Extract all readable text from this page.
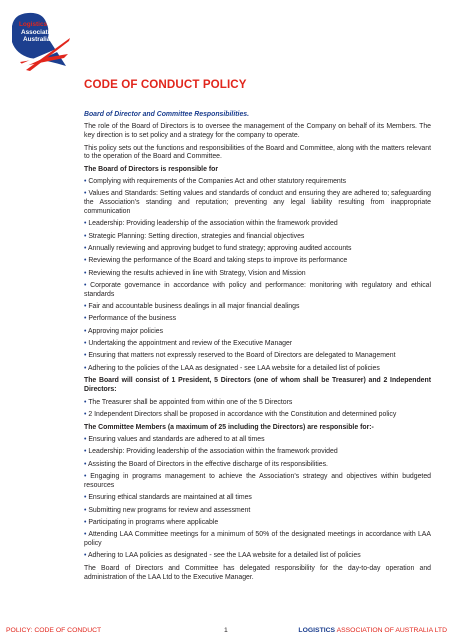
Logistics
Association
Australia
CODE OF CONDUCT POLICY

Board of Director and Committee Responsibilities.

The role of the Board of Directors is to oversee the management of the Company on behalf of its Members. The key direction is to set policy and a strategy for the company to operate.

This policy sets out the functions and responsibilities of the Board and Committee, along with the matters relevant to the operation of the Board and Committee.

The Board of Directors is responsible for

• Complying with requirements of the Companies Act and other statutory requirements

• Values and Standards: Setting values and standards of conduct and ensuring they are adhered to; safeguarding the Association’s standing and reputation; preventing any legal liability resulting from inappropriate communication

• Leadership: Providing leadership of the association within the framework provided

• Strategic Planning: Setting direction, strategies and financial objectives

• Annually reviewing and approving budget to fund strategy; approving audited accounts

• Reviewing the performance of the Board and taking steps to improve its performance

• Reviewing the results achieved in line with Strategy, Vision and Mission

• Corporate governance in accordance with policy and performance: monitoring with regulatory and ethical standards

• Fair and accountable business dealings in all major financial dealings

• Performance of the business

• Approving major policies

• Undertaking the appointment and review of the Executive Manager

• Ensuring that matters not expressly reserved to the Board of Directors are delegated to Management

• Adhering to the policies of the LAA as designated - see LAA website for a detailed list of policies

The Board will consist of 1 President, 5 Directors (one of whom shall be Treasurer) and 2 Independent Directors:

• The Treasurer shall be appointed from within one of the 5 Directors

• 2 Independent Directors shall be proposed in accordance with the Constitution and determined policy

The Committee Members (a maximum of 25 including the Directors) are responsible for:-

• Ensuring values and standards are adhered to at all times

• Leadership: Providing leadership of the association within the framework provided

• Assisting the Board of Directors in the effective discharge of its responsibilities.

• Engaging in programs management to achieve the Association’s strategy and objectives within budgeted resources

• Ensuring ethical standards are maintained at all times

• Submitting new programs for review and assessment

• Participating in programs where applicable

• Attending LAA Committee meetings for a minimum of 50% of the designated meetings in accordance with LAA policy

• Adhering to LAA policies as designated - see the LAA website for a detailed list of policies

The Board of Directors and Committee has delegated responsibility for the day-to-day operation and administration of the LAA Ltd to the Executive Manager.

POLICY: CODE OF CONDUCT	1	LOGISTICS ASSOCIATION OF AUSTRALIA LTD
